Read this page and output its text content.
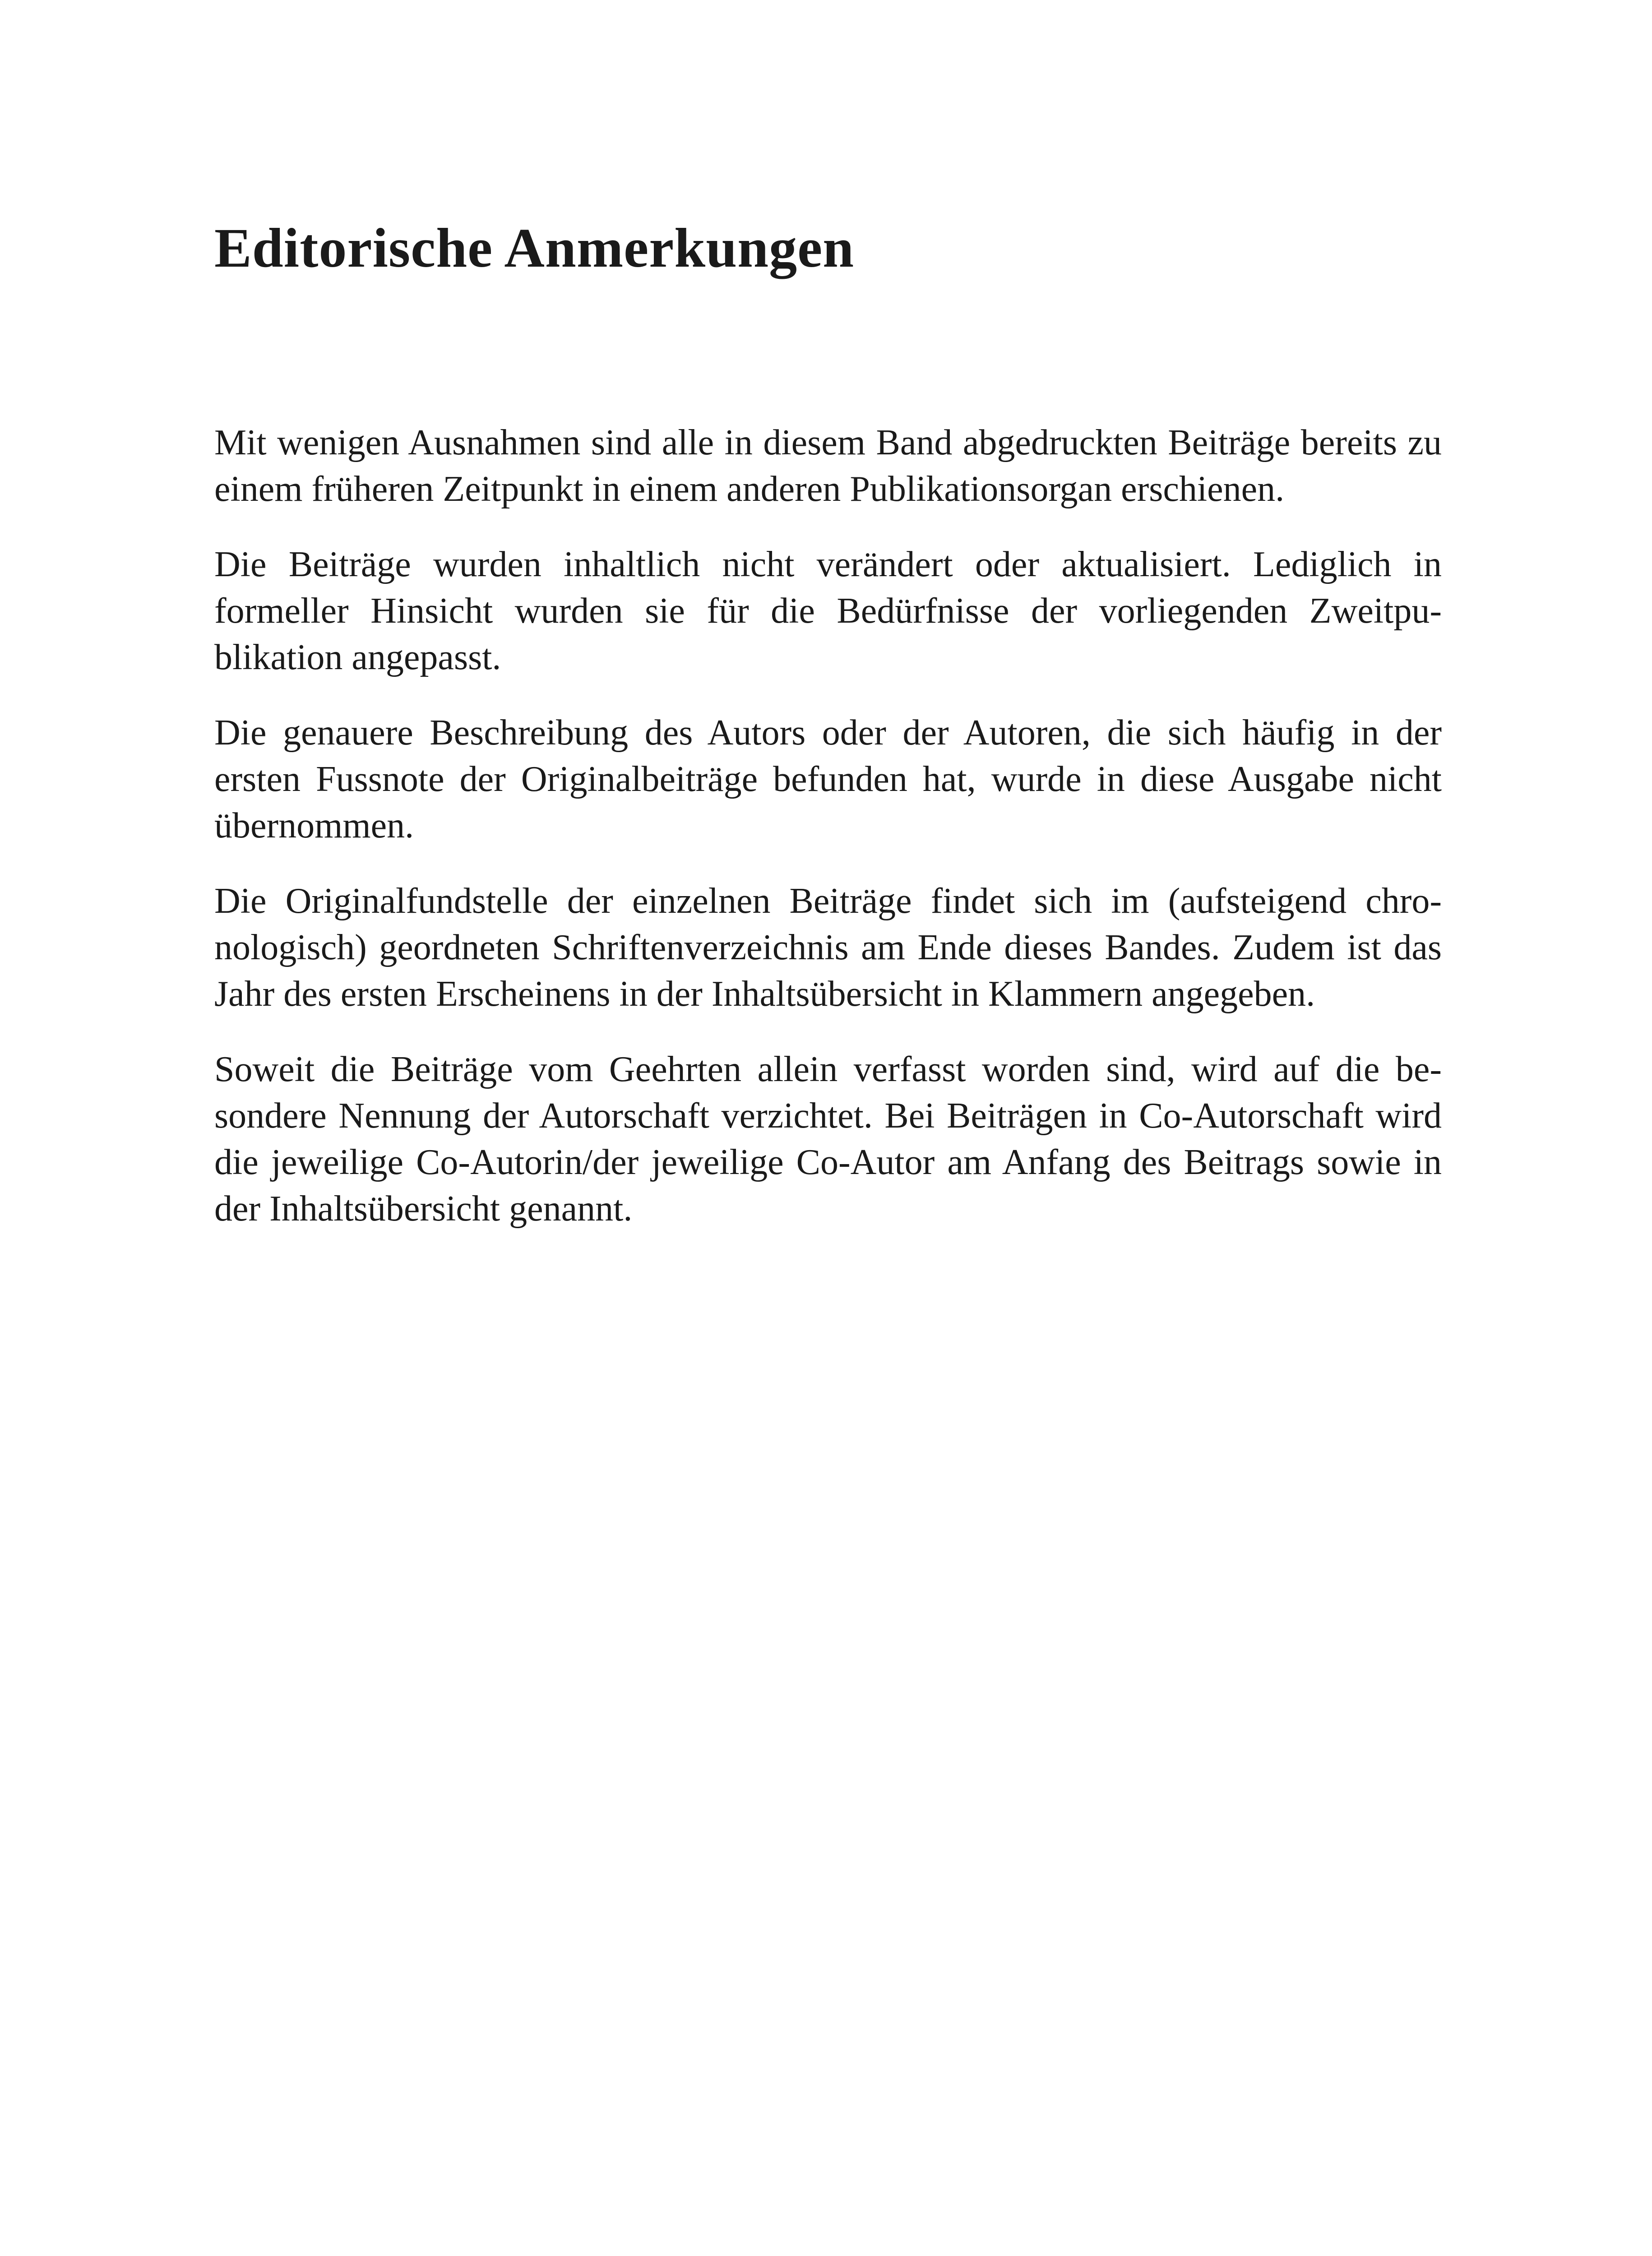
Editorische Anmerkungen

Mit wenigen Ausnahmen sind alle in diesem Band abgedruckten Beiträge bereits zu einem früheren Zeitpunkt in einem anderen Publikationsorgan erschienen.

Die Beiträge wurden inhaltlich nicht verändert oder aktualisiert. Lediglich in formeller Hinsicht wurden sie für die Bedürfnisse der vorliegenden Zweitpublikation angepasst.

Die genauere Beschreibung des Autors oder der Autoren, die sich häufig in der ersten Fussnote der Originalbeiträge befunden hat, wurde in diese Ausgabe nicht übernommen.

Die Originalfundstelle der einzelnen Beiträge findet sich im (aufsteigend chronologisch) geordneten Schriftenverzeichnis am Ende dieses Bandes. Zudem ist das Jahr des ersten Erscheinens in der Inhaltsübersicht in Klammern angegeben.

Soweit die Beiträge vom Geehrten allein verfasst worden sind, wird auf die besondere Nennung der Autorschaft verzichtet. Bei Beiträgen in Co-Autorschaft wird die jeweilige Co-Autorin/der jeweilige Co-Autor am Anfang des Beitrags sowie in der Inhaltsübersicht genannt.
